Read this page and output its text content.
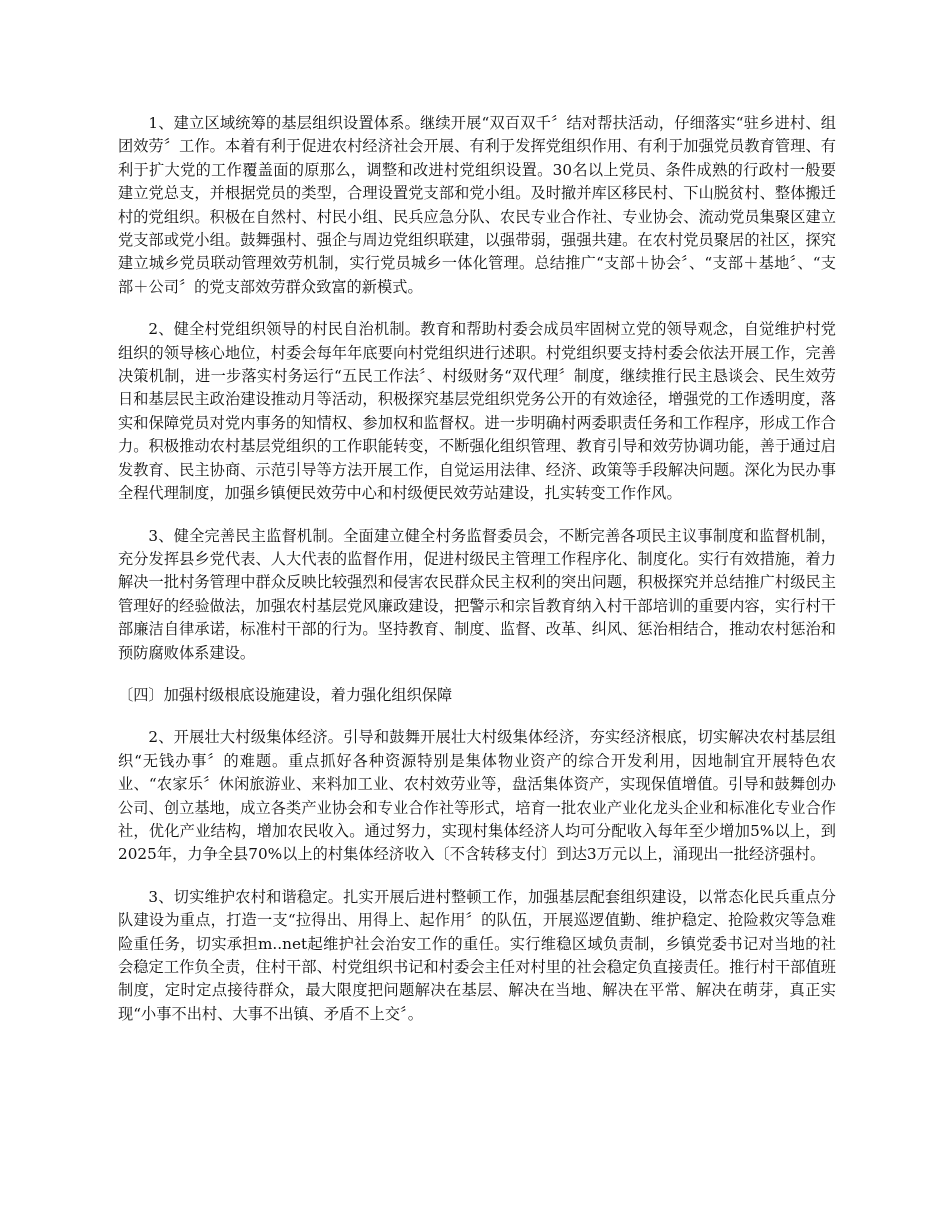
1、建立区域统筹的基层组织设置体系。继续开展“双百双千〞结对帮扶活动，仔细落实“驻乡进村、组团效劳〞工作。本着有利于促进农村经济社会开展、有利于发挥党组织作用、有利于加强党员教育管理、有利于扩大党的工作覆盖面的原那么，调整和改进村党组织设置。30名以上党员、条件成熟的行政村一般要建立党总支，并根据党员的类型，合理设置党支部和党小组。及时撤并库区移民村、下山脱贫村、整体搬迁村的党组织。积极在自然村、村民小组、民兵应急分队、农民专业合作社、专业协会、流动党员集聚区建立党支部或党小组。鼓舞强村、强企与周边党组织联建，以强带弱，强强共建。在农村党员聚居的社区，探究建立城乡党员联动管理效劳机制，实行党员城乡一体化管理。总结推广“支部＋协会〞、“支部＋基地〞、“支部＋公司〞的党支部效劳群众致富的新模式。

2、健全村党组织领导的村民自治机制。教育和帮助村委会成员牢固树立党的领导观念，自觉维护村党组织的领导核心地位，村委会每年年底要向村党组织进行述职。村党组织要支持村委会依法开展工作，完善决策机制，进一步落实村务运行“五民工作法〞、村级财务“双代理〞制度，继续推行民主恳谈会、民生效劳日和基层民主政治建设推动月等活动，积极探究基层党组织党务公开的有效途径，增强党的工作透明度，落实和保障党员对党内事务的知情权、参加权和监督权。进一步明确村两委职责任务和工作程序，形成工作合力。积极推动农村基层党组织的工作职能转变，不断强化组织管理、教育引导和效劳协调功能，善于通过启发教育、民主协商、示范引导等方法开展工作，自觉运用法律、经济、政策等手段解决问题。深化为民办事全程代理制度，加强乡镇便民效劳中心和村级便民效劳站建设，扎实转变工作作风。

3、健全完善民主监督机制。全面建立健全村务监督委员会，不断完善各项民主议事制度和监督机制，充分发挥县乡党代表、人大代表的监督作用，促进村级民主管理工作程序化、制度化。实行有效措施，着力解决一批村务管理中群众反映比较强烈和侵害农民群众民主权利的突出问题，积极探究并总结推广村级民主管理好的经验做法，加强农村基层党风廉政建设，把警示和宗旨教育纳入村干部培训的重要内容，实行村干部廉洁自律承诺，标准村干部的行为。坚持教育、制度、监督、改革、纠风、惩治相结合，推动农村惩治和预防腐败体系建设。

〔四〕加强村级根底设施建设，着力强化组织保障

2、开展壮大村级集体经济。引导和鼓舞开展壮大村级集体经济，夯实经济根底，切实解决农村基层组织“无钱办事〞的难题。重点抓好各种资源特别是集体物业资产的综合开发利用，因地制宜开展特色农业、“农家乐〞休闲旅游业、来料加工业、农村效劳业等，盘活集体资产，实现保值增值。引导和鼓舞创办公司、创立基地，成立各类产业协会和专业合作社等形式，培育一批农业产业化龙头企业和标准化专业合作社，优化产业结构，增加农民收入。通过努力，实现村集体经济人均可分配收入每年至少增加5%以上，到2025年，力争全县70%以上的村集体经济收入〔不含转移支付〕到达3万元以上，涌现出一批经济强村。

3、切实维护农村和谐稳定。扎实开展后进村整顿工作，加强基层配套组织建设，以常态化民兵重点分队建设为重点，打造一支“拉得出、用得上、起作用〞的队伍，开展巡逻值勤、维护稳定、抢险救灾等急难险重任务，切实承担m..net起维护社会治安工作的重任。实行维稳区域负责制，乡镇党委书记对当地的社会稳定工作负全责，住村干部、村党组织书记和村委会主任对村里的社会稳定负直接责任。推行村干部值班制度，定时定点接待群众，最大限度把问题解决在基层、解决在当地、解决在平常、解决在萌芽，真正实现“小事不出村、大事不出镇、矛盾不上交〞。
